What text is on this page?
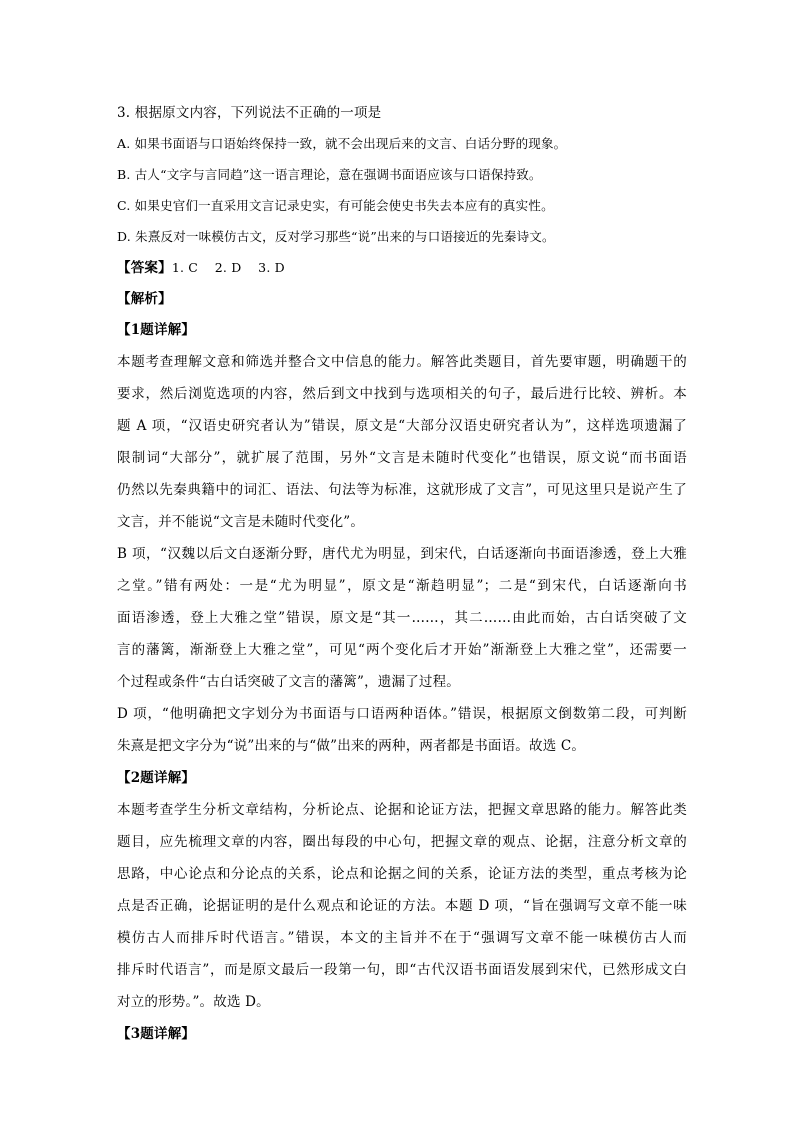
3. 根据原文内容，下列说法不正确的一项是
A. 如果书面语与口语始终保持一致，就不会出现后来的文言、白话分野的现象。
B. 古人“文字与言同趋”这一语言理论，意在强调书面语应该与口语保持致。
C. 如果史官们一直采用文言记录史实，有可能会使史书失去本应有的真实性。
D. 朱熹反对一味模仿古文，反对学习那些“说”出来的与口语接近的先秦诗文。
【答案】1. C    2. D    3. D
【解析】
【1题详解】
本题考查理解文意和筛选并整合文中信息的能力。解答此类题目，首先要审题，明确题干的
要求，然后浏览选项的内容，然后到文中找到与选项相关的句子，最后进行比较、辨析。本
题 A 项，“汉语史研究者认为”错误，原文是“大部分汉语史研究者认为”，这样选项遗漏了
限制词“大部分”，就扩展了范围，另外“文言是未随时代变化”也错误，原文说“而书面语
仍然以先秦典籍中的词汇、语法、句法等为标准，这就形成了文言”，可见这里只是说产生了
文言，并不能说“文言是未随时代变化”。
B 项，“汉魏以后文白逐渐分野，唐代尤为明显，到宋代，白话逐渐向书面语渗透，登上大雅
之堂。”错有两处：一是“尤为明显”，原文是“渐趋明显”；二是“到宋代，白话逐渐向书
面语渗透，登上大雅之堂”错误，原文是“其一……，其二……由此而始，古白话突破了文
言的藩篱，渐渐登上大雅之堂”，可见“两个变化后才开始”渐渐登上大雅之堂”，还需要一
个过程或条件“古白话突破了文言的藩篱”，遗漏了过程。
D 项，“他明确把文字划分为书面语与口语两种语体。”错误，根据原文倒数第二段，可判断
朱熹是把文字分为“说”出来的与“做”出来的两种，两者都是书面语。故选 C。
【2题详解】
本题考查学生分析文章结构，分析论点、论据和论证方法，把握文章思路的能力。解答此类
题目，应先梳理文章的内容，圈出每段的中心句，把握文章的观点、论据，注意分析文章的
思路，中心论点和分论点的关系，论点和论据之间的关系，论证方法的类型，重点考核为论
点是否正确，论据证明的是什么观点和论证的方法。本题 D 项，“旨在强调写文章不能一味
模仿古人而排斥时代语言。”错误，本文的主旨并不在于“强调写文章不能一味模仿古人而
排斥时代语言”，而是原文最后一段第一句，即“古代汉语书面语发展到宋代，已然形成文白
对立的形势。”。故选 D。
【3题详解】
